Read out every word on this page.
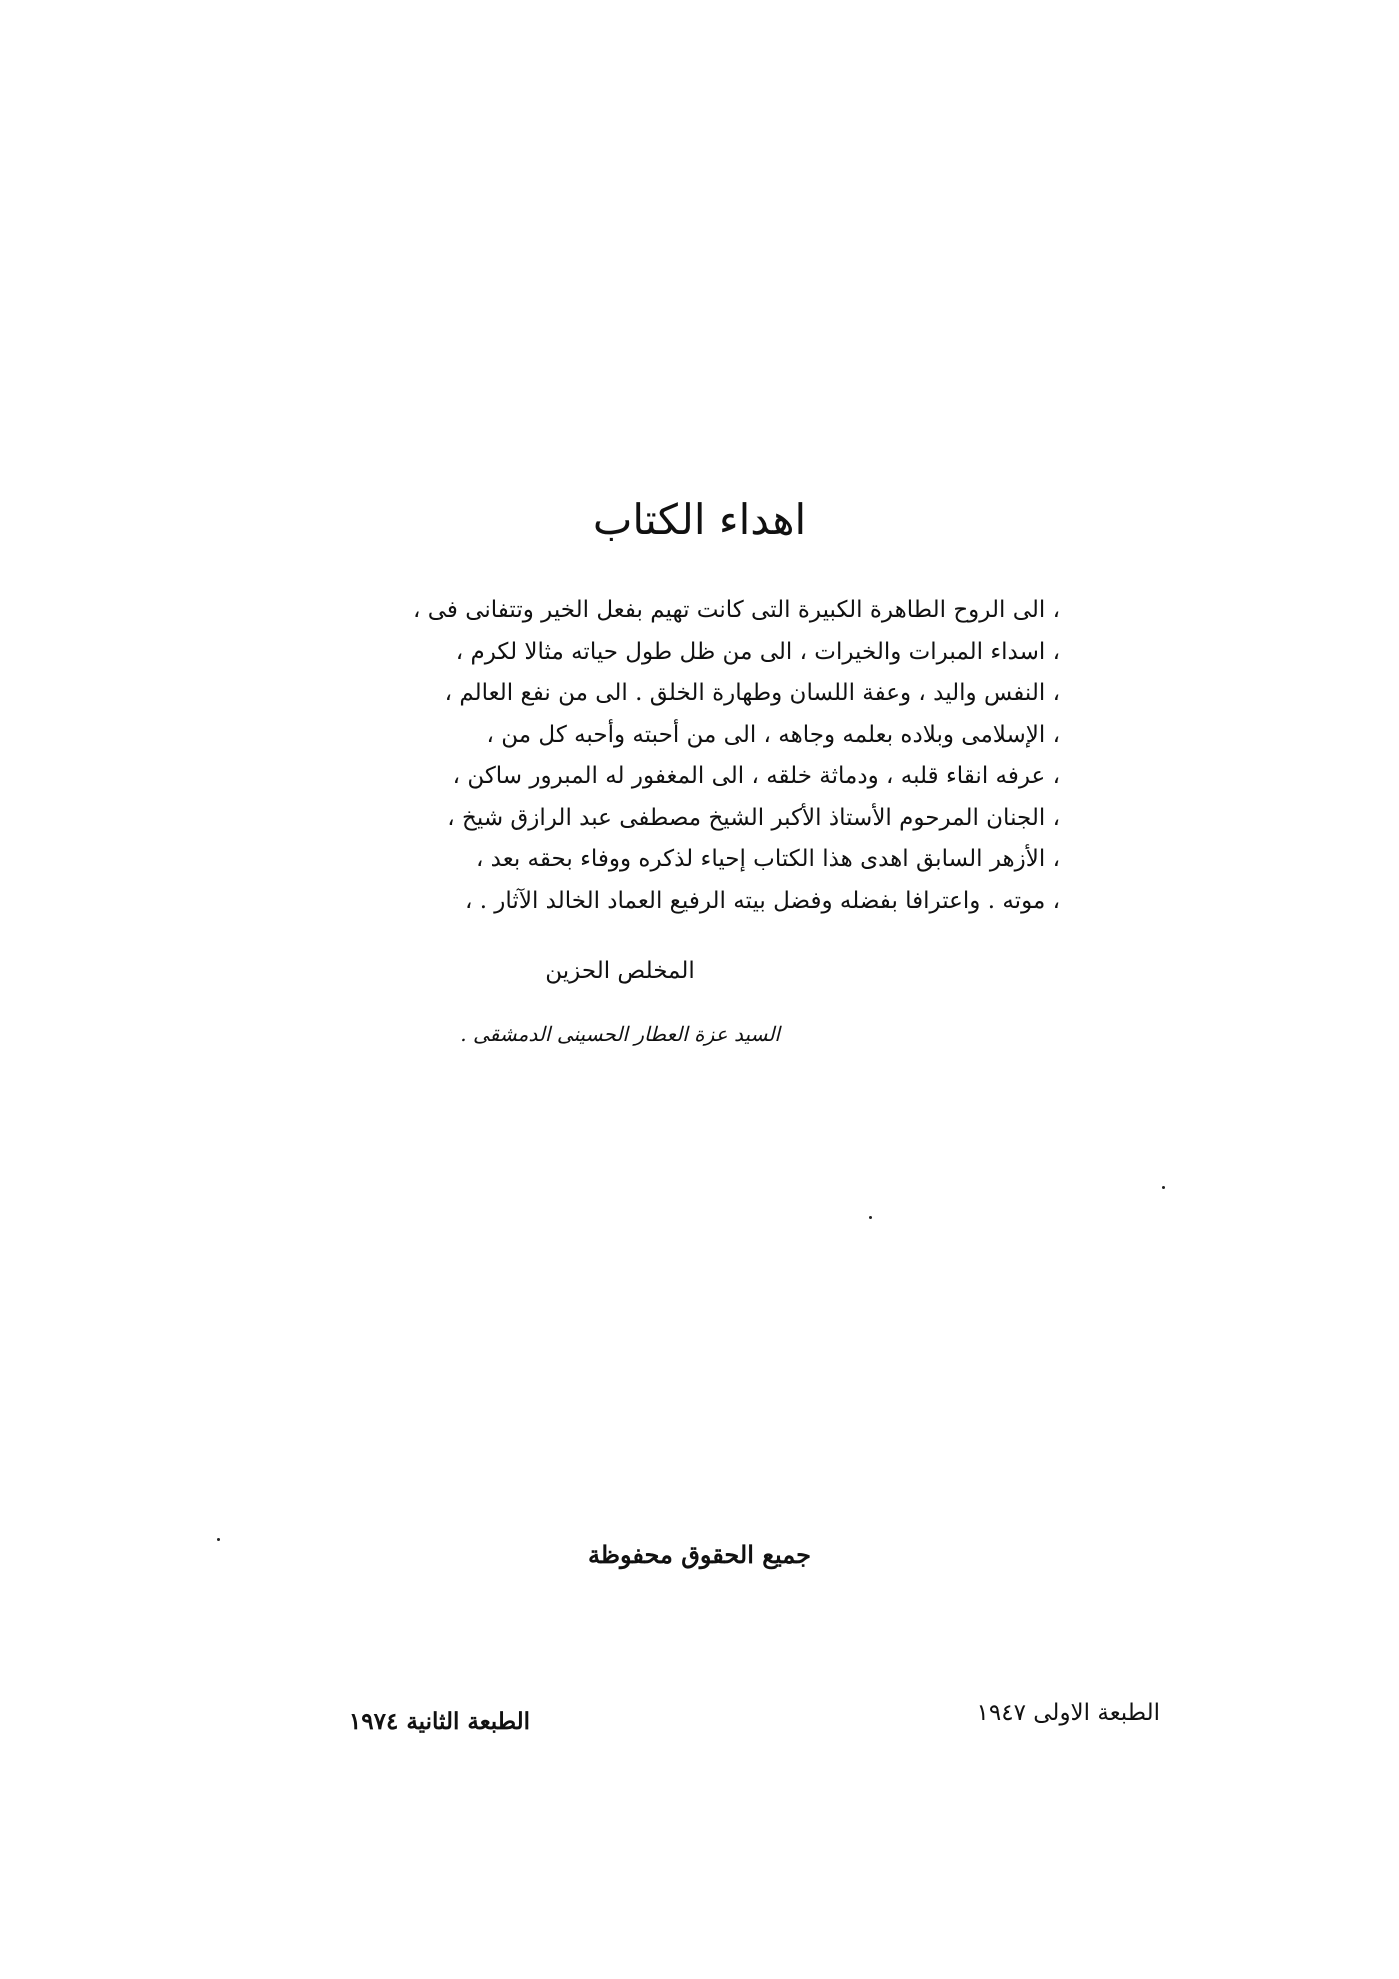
اهداء الكتاب
، الى الروح الطاهرة الكبيرة التى كانت تهيم بفعل الخير وتتفانى فى ،
، اسداء المبرات والخيرات ، الى من ظل طول حياته مثالا لكرم ،
، النفس واليد ، وعفة اللسان وطهارة الخلق . الى من نفع العالم ،
، الإسلامى وبلاده بعلمه وجاهه ، الى من أحبته وأحبه كل من ،
، عرفه انقاء قلبه ، ودماثة خلقه ، الى المغفور له المبرور ساكن ،
، الجنان المرحوم الأستاذ الأكبر الشيخ مصطفى عبد الرازق شيخ ،
، الأزهر السابق اهدى هذا الكتاب إحياء لذكره ووفاء بحقه بعد ،
، موته . واعترافا بفضله وفضل بيته الرفيع العماد الخالد الآثار . ،
المخلص الحزين
السيد عزة العطار الحسينى الدمشقى .
جميع الحقوق محفوظة
الطبعة الاولى ١٩٤٧
الطبعة الثانية ١٩٧٤
